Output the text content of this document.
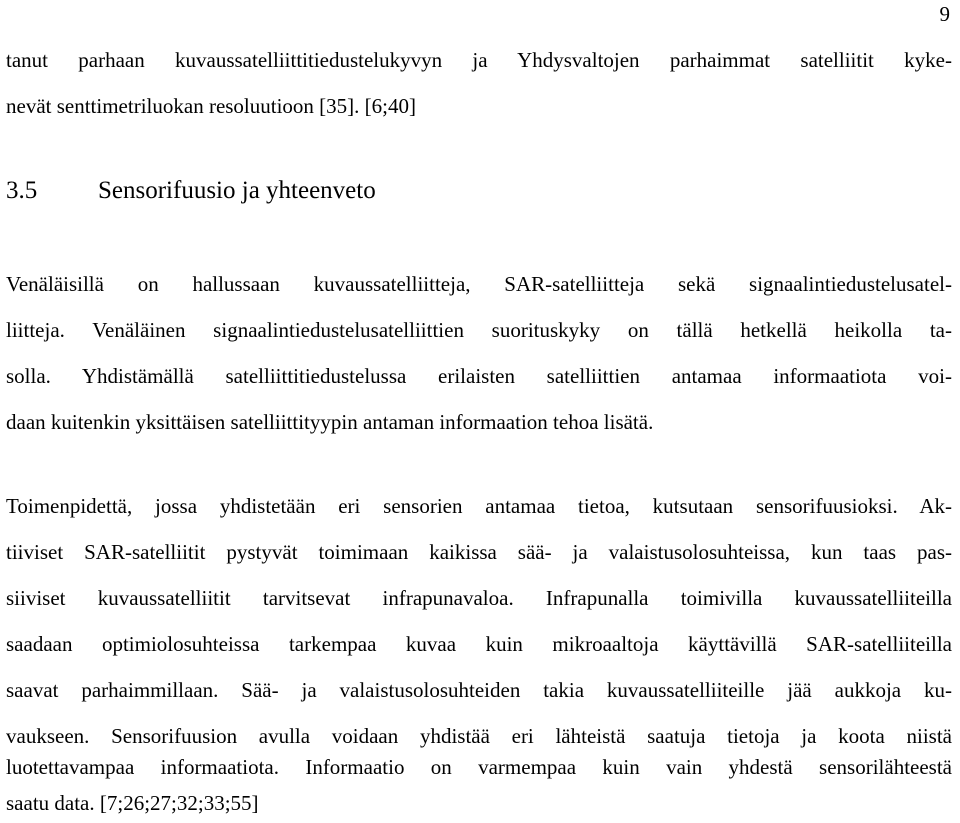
9
tanut parhaan kuvaussatelliittitiedustelukyvyn ja Yhdysvaltojen parhaimmat satelliitit kyke-
nevät senttimetriluokan resoluutioon [35]. [6;40]
3.5 Sensorifuusio ja yhteenveto
Venäläisillä on hallussaan kuvaussatelliitteja, SAR-satelliitteja sekä signaalintiedustelusatel-
liitteja. Venäläinen signaalintiedustelusatelliittien suorituskyky on tällä hetkellä heikolla ta-
solla. Yhdistämällä satelliittitiedustelussa erilaisten satelliittien antamaa informaatiota voi-
daan kuitenkin yksittäisen satelliittityypin antaman informaation tehoa lisätä.
Toimenpidettä, jossa yhdistetään eri sensorien antamaa tietoa, kutsutaan sensorifuusioksi. Ak-
tiiviset SAR-satelliitit pystyvät toimimaan kaikissa sää- ja valaistusolosuhteissa, kun taas pas-
siiviset kuvaussatelliitit tarvitsevat infrapunavaloa. Infrapunalla toimivilla kuvaussatelliiteilla
saadaan optimiolosuhteissa tarkempaa kuvaa kuin mikroaaltoja käyttävillä SAR-satelliiteilla
saavat parhaimmillaan. Sää- ja valaistusolosuhteiden takia kuvaussatelliiteille jää aukkoja ku-
vaukseen. Sensorifuusion avulla voidaan yhdistää eri lähteistä saatuja tietoja ja koota niistä
luotettavampaa informaatiota. Informaatio on varmempaa kuin vain yhdestä sensorilähteestä
saatu data. [7;26;27;32;33;55]
